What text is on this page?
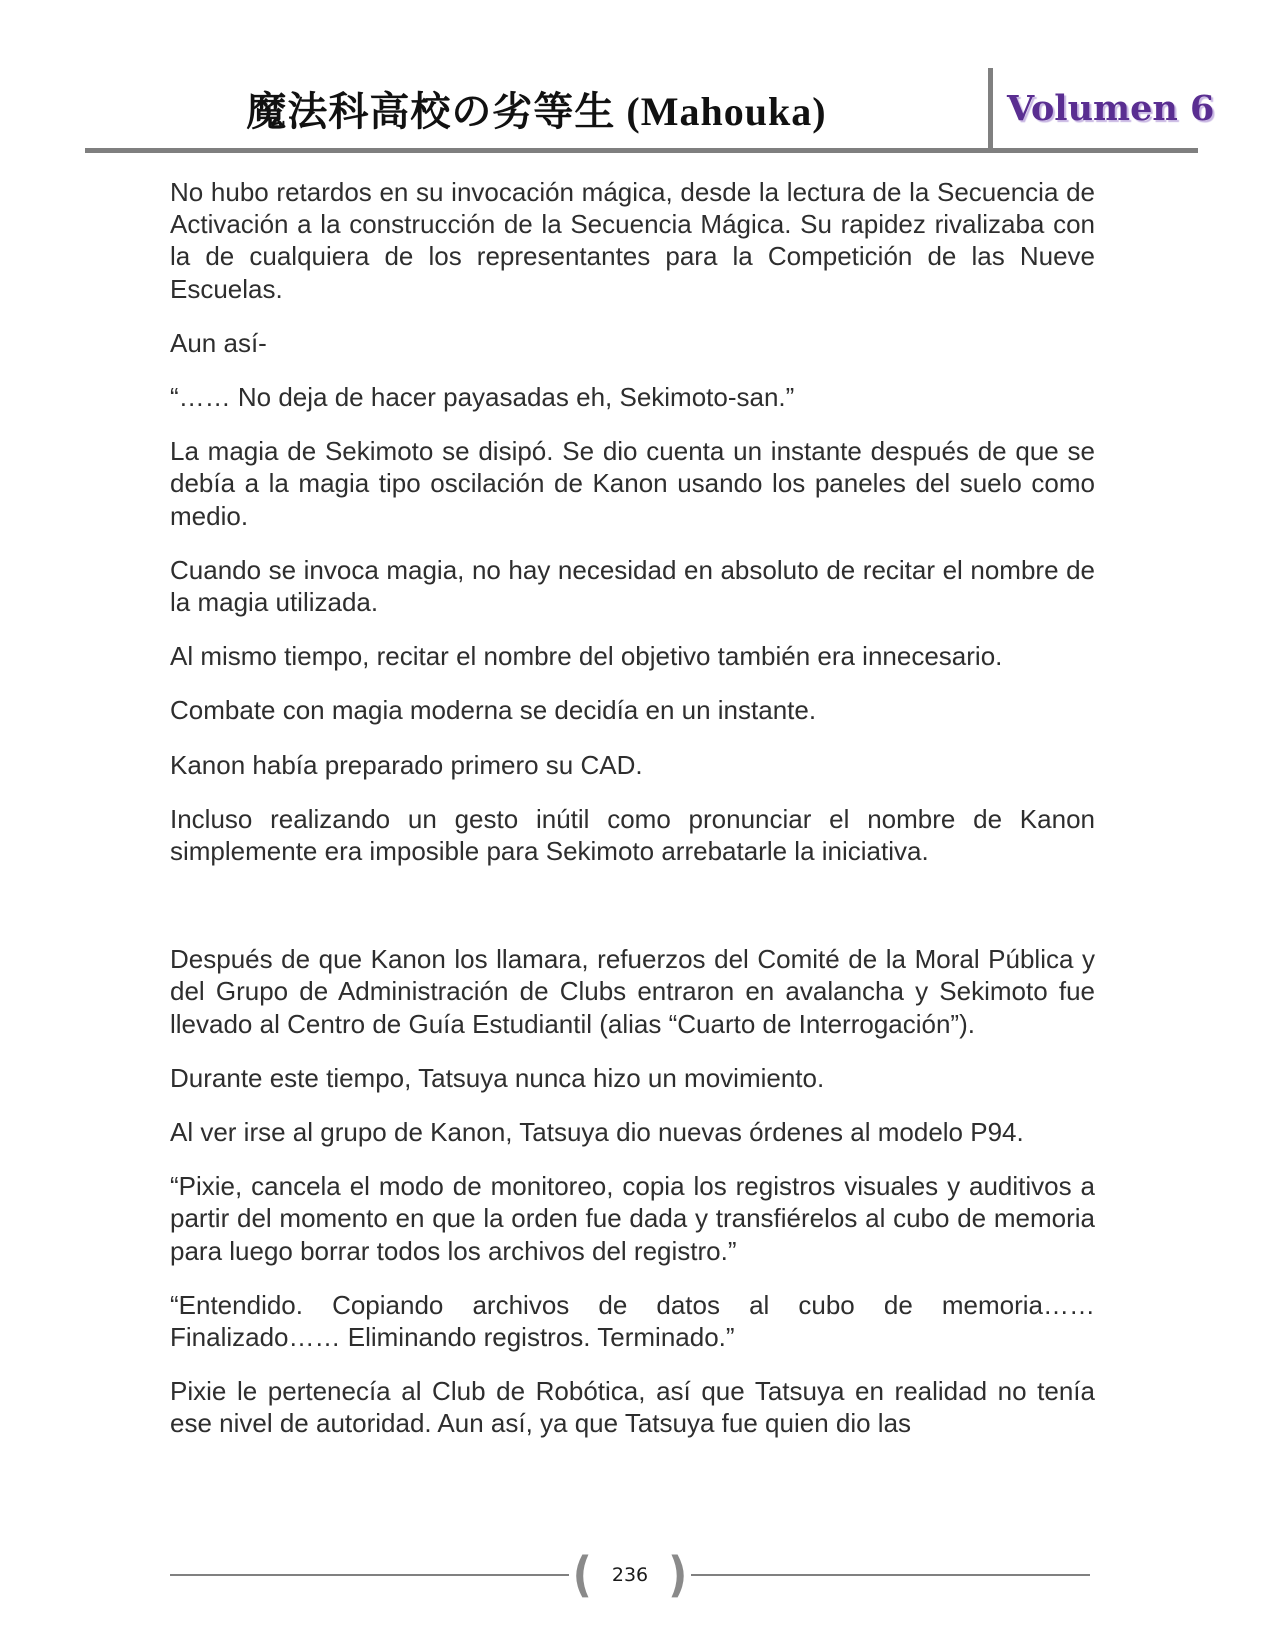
魔法科高校の劣等生 (Mahouka)	Volumen 6

No hubo retardos en su invocación mágica, desde la lectura de la Secuencia de Activación a la construcción de la Secuencia Mágica. Su rapidez rivalizaba con la de cualquiera de los representantes para la Competición de las Nueve Escuelas.

Aun así-

“…… No deja de hacer payasadas eh, Sekimoto-san.”

La magia de Sekimoto se disipó. Se dio cuenta un instante después de que se debía a la magia tipo oscilación de Kanon usando los paneles del suelo como medio.

Cuando se invoca magia, no hay necesidad en absoluto de recitar el nombre de la magia utilizada.

Al mismo tiempo, recitar el nombre del objetivo también era innecesario.

Combate con magia moderna se decidía en un instante.

Kanon había preparado primero su CAD.

Incluso realizando un gesto inútil como pronunciar el nombre de Kanon simplemente era imposible para Sekimoto arrebatarle la iniciativa.

Después de que Kanon los llamara, refuerzos del Comité de la Moral Pública y del Grupo de Administración de Clubs entraron en avalancha y Sekimoto fue llevado al Centro de Guía Estudiantil (alias “Cuarto de Interrogación”).

Durante este tiempo, Tatsuya nunca hizo un movimiento.

Al ver irse al grupo de Kanon, Tatsuya dio nuevas órdenes al modelo P94.

“Pixie, cancela el modo de monitoreo, copia los registros visuales y auditivos a partir del momento en que la orden fue dada y transfiérelos al cubo de memoria para luego borrar todos los archivos del registro.”

“Entendido. Copiando archivos de datos al cubo de memoria…… Finalizado…… Eliminando registros. Terminado.”

Pixie le pertenecía al Club de Robótica, así que Tatsuya en realidad no tenía ese nivel de autoridad. Aun así, ya que Tatsuya fue quien dio las

( 236 )
